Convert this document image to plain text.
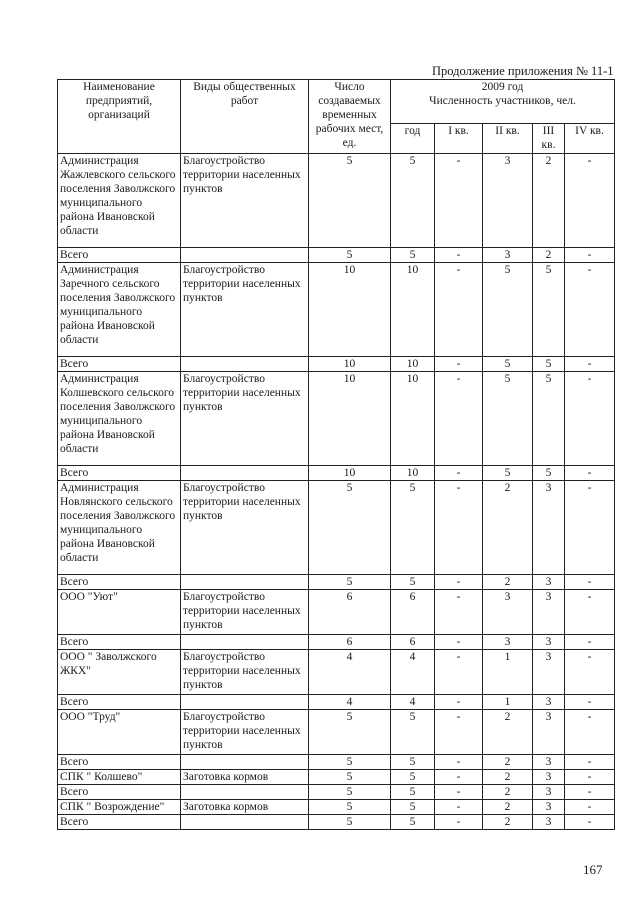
Продолжение приложения № 11-1
Наименование предприятий, организаций	Виды общественных работ	Число создаваемых временных рабочих мест, ед.	2009 год
Численность участников, чел.				

			год	I кв.	II кв.	III кв.	IV кв.
Администрация Жажлевского сельского поселения Заволжского муниципального района Ивановской области	Благоустройство территории населенных пунктов	5	5	-	3	2	-
Всего		5	5	-	3	2	-
Администрация Заречного сельского поселения Заволжского муниципального района Ивановской области	Благоустройство территории населенных пунктов	10	10	-	5	5	-
Всего		10	10	-	5	5	-
Администрация Колшевского сельского поселения Заволжского муниципального района Ивановской области	Благоустройство территории населенных пунктов	10	10	-	5	5	-
Всего		10	10	-	5	5	-
Администрация Новлянского сельского поселения Заволжского муниципального района Ивановской области	Благоустройство территории населенных пунктов	5	5	-	2	3	-
Всего		5	5	-	2	3	-
ООО "Уют"	Благоустройство территории населенных пунктов	6	6	-	3	3	-
Всего		6	6	-	3	3	-
ООО " Заволжского ЖКХ"	Благоустройство территории населенных пунктов	4	4	-	1	3	-
Всего		4	4	-	1	3	-
ООО "Труд"	Благоустройство территории населенных пунктов	5	5	-	2	3	-
Всего		5	5	-	2	3	-
СПК " Колшево"	Заготовка кормов	5	5	-	2	3	-
Всего		5	5	-	2	3	-
СПК " Возрождение"	Заготовка кормов	5	5	-	2	3	-
Всего		5	5	-	2	3	-
167
